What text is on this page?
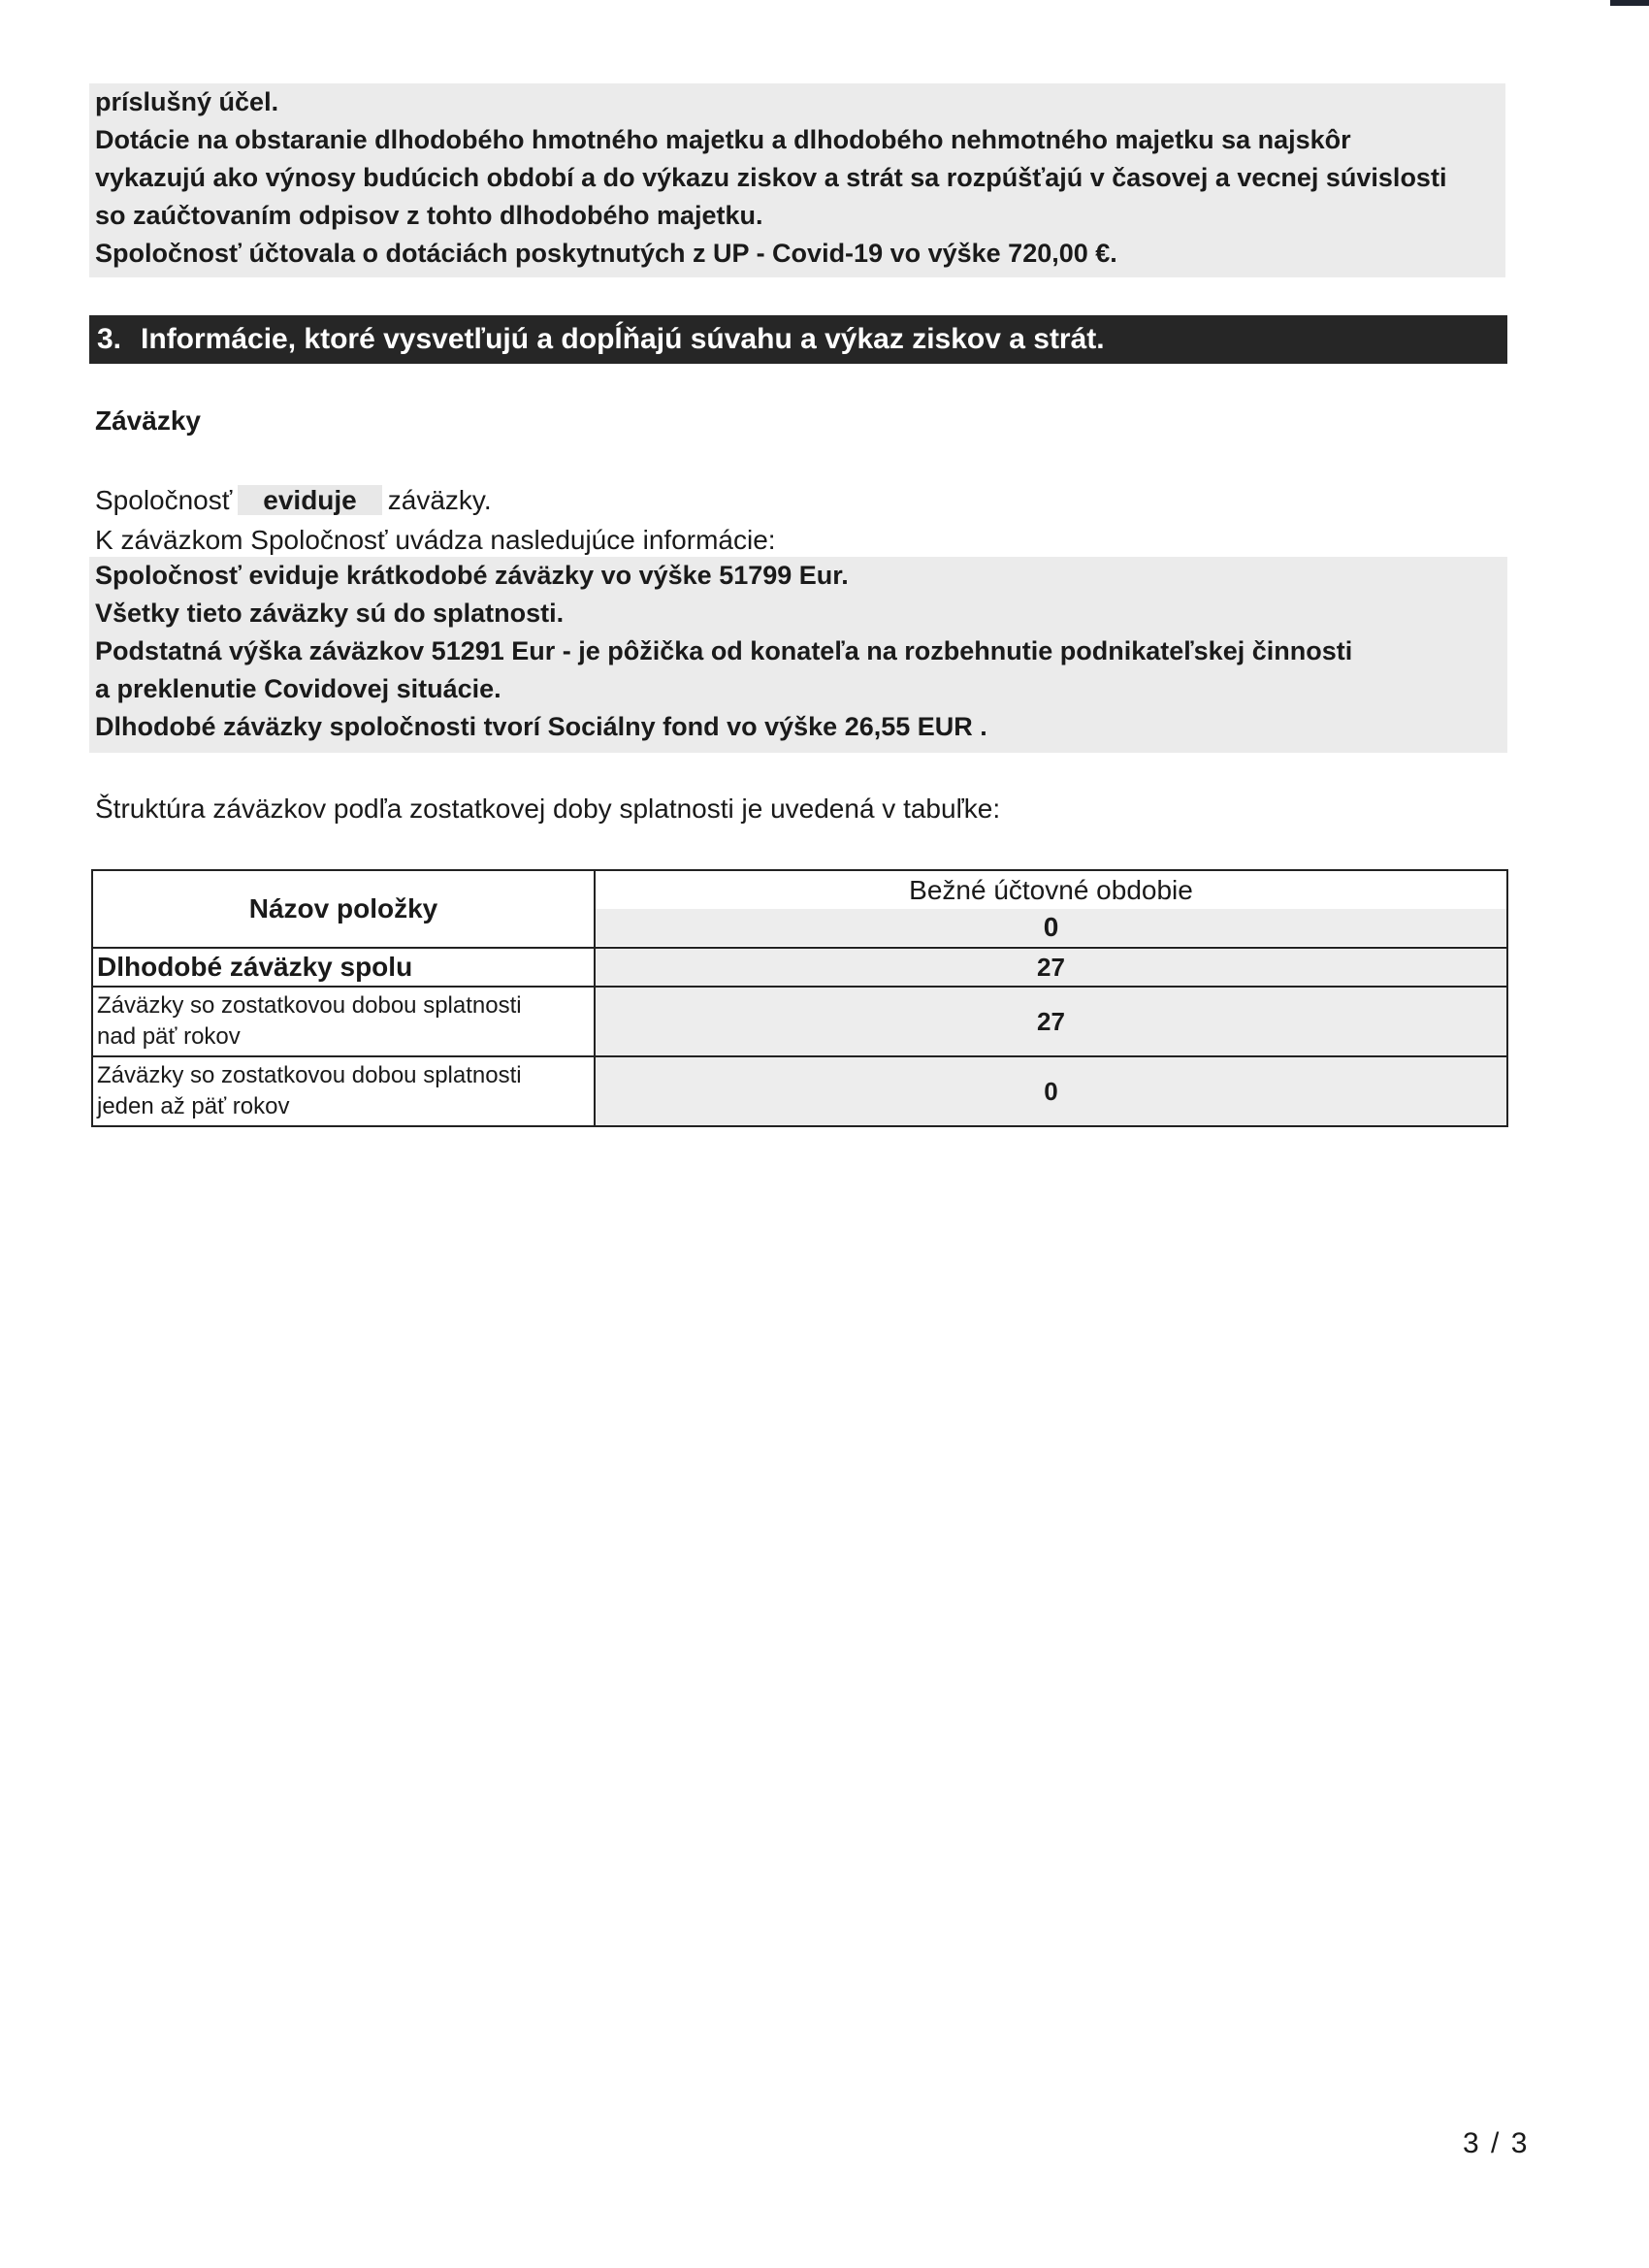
príslušný účel.

Dotácie na obstaranie dlhodobého hmotného majetku a dlhodobého nehmotného majetku sa najskôr

vykazujú ako výnosy budúcich období a do výkazu ziskov a strát sa rozpúšťajú v časovej a vecnej súvislosti

so zaúčtovaním odpisov z tohto dlhodobého majetku.

Spoločnosť účtovala o dotáciách poskytnutých z UP - Covid-19 vo výške 720,00 €.

3. Informácie, ktoré vysvetľujú a dopĺňajú súvahu a výkaz ziskov a strát.
Záväzky
Spoločnosť eviduje záväzky.
K záväzkom Spoločnosť uvádza nasledujúce informácie:

Spoločnosť eviduje krátkodobé záväzky vo výške 51799 Eur.

Všetky tieto záväzky sú do splatnosti.

Podstatná výška záväzkov 51291 Eur - je pôžička od konateľa na rozbehnutie podnikateľskej činnosti

a preklenutie Covidovej situácie.

Dlhodobé záväzky spoločnosti tvorí Sociálny fond vo výške 26,55 EUR .

Štruktúra záväzkov podľa zostatkovej doby splatnosti je uvedená v tabuľke:
Názov položky	Bežné účtovné obdobie
0

Dlhodobé záväzky spolu	27

Záväzky so zostatkovou dobou splatnosti
nad päť rokov	27

Záväzky so zostatkovou dobou splatnosti
jeden až päť rokov	0
3 / 3
